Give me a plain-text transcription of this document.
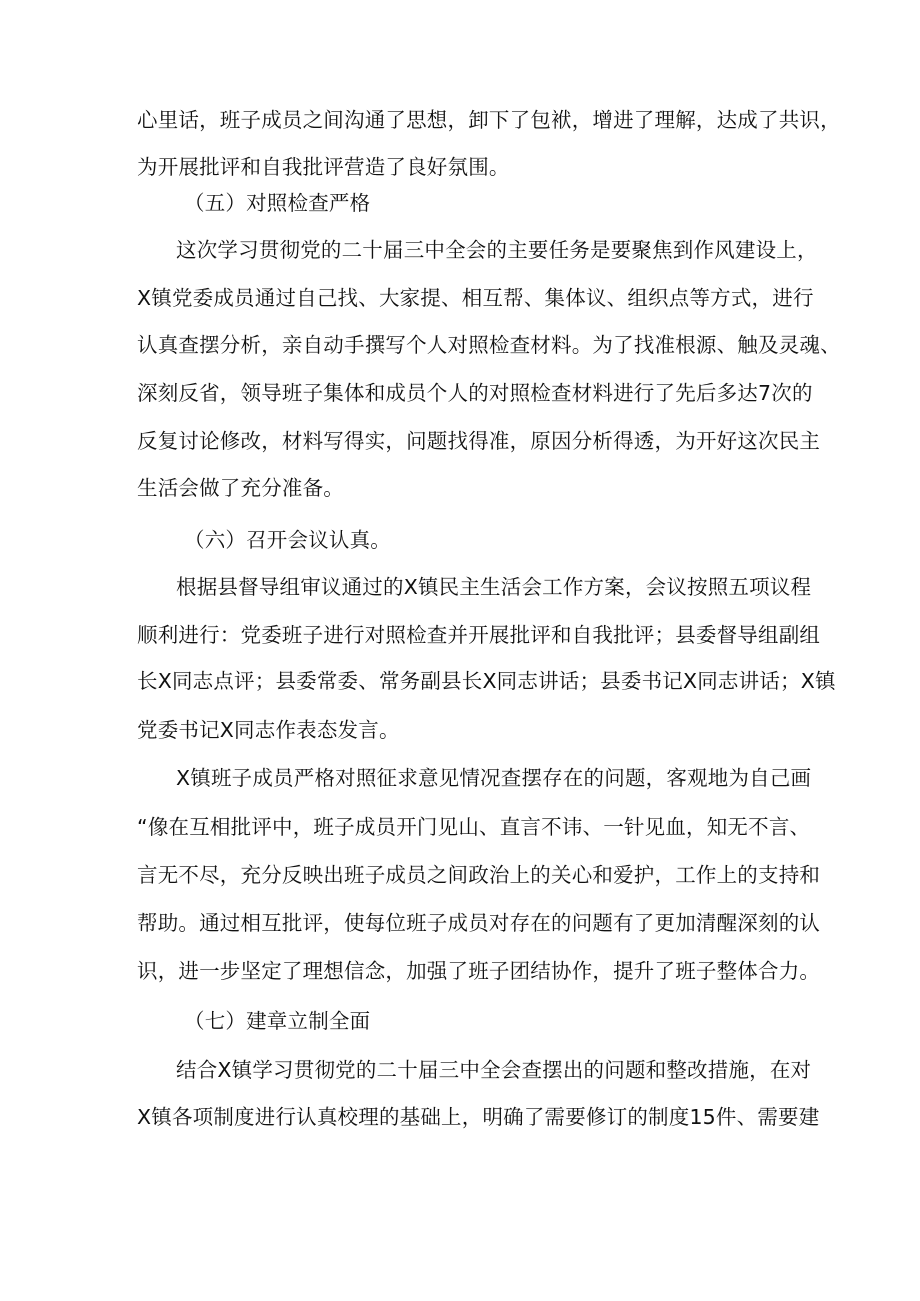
心里话，班子成员之间沟通了思想，卸下了包袱，增进了理解，达成了共识，
为开展批评和自我批评营造了良好氛围。
（五）对照检查严格
这次学习贯彻党的二十届三中全会的主要任务是要聚焦到作风建设上，
X镇党委成员通过自己找、大家提、相互帮、集体议、组织点等方式，进行
认真查摆分析，亲自动手撰写个人对照检查材料。为了找准根源、触及灵魂、
深刻反省，领导班子集体和成员个人的对照检查材料进行了先后多达7次的
反复讨论修改，材料写得实，问题找得准，原因分析得透，为开好这次民主
生活会做了充分准备。
（六）召开会议认真。
根据县督导组审议通过的X镇民主生活会工作方案，会议按照五项议程
顺利进行：党委班子进行对照检查并开展批评和自我批评；县委督导组副组
长X同志点评；县委常委、常务副县长X同志讲话；县委书记X同志讲话；X镇
党委书记X同志作表态发言。
X镇班子成员严格对照征求意见情况查摆存在的问题，客观地为自己画
“像在互相批评中，班子成员开门见山、直言不讳、一针见血，知无不言、
言无不尽，充分反映出班子成员之间政治上的关心和爱护，工作上的支持和
帮助。通过相互批评，使每位班子成员对存在的问题有了更加清醒深刻的认
识，进一步坚定了理想信念，加强了班子团结协作，提升了班子整体合力。
（七）建章立制全面
结合X镇学习贯彻党的二十届三中全会查摆出的问题和整改措施，在对
X镇各项制度进行认真校理的基础上，明确了需要修订的制度15件、需要建
